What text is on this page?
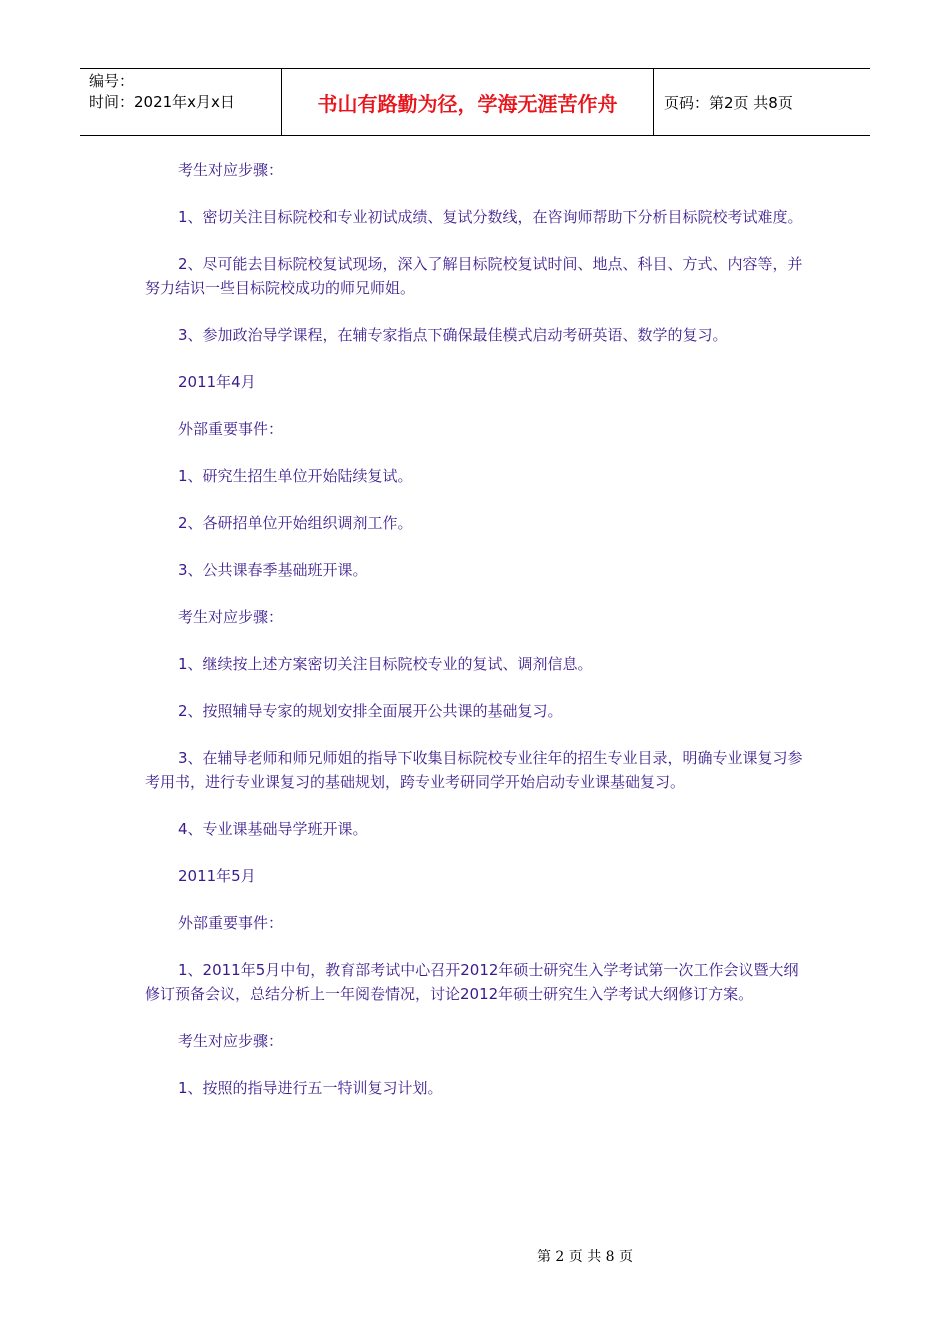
编号：
时间：2021年x月x日	书山有路勤为径，学海无涯苦作舟	页码：第2页 共8页

考生对应步骤：

1、密切关注目标院校和专业初试成绩、复试分数线，在咨询师帮助下分析目标院校考试难度。

2、尽可能去目标院校复试现场，深入了解目标院校复试时间、地点、科目、方式、内容等，并努力结识一些目标院校成功的师兄师姐。

3、参加政治导学课程，在辅专家指点下确保最佳模式启动考研英语、数学的复习。

2011年4月

外部重要事件：

1、研究生招生单位开始陆续复试。

2、各研招单位开始组织调剂工作。

3、公共课春季基础班开课。

考生对应步骤：

1、继续按上述方案密切关注目标院校专业的复试、调剂信息。

2、按照辅导专家的规划安排全面展开公共课的基础复习。

3、在辅导老师和师兄师姐的指导下收集目标院校专业往年的招生专业目录，明确专业课复习参考用书，进行专业课复习的基础规划，跨专业考研同学开始启动专业课基础复习。

4、专业课基础导学班开课。

2011年5月

外部重要事件：

1、2011年5月中旬，教育部考试中心召开2012年硕士研究生入学考试第一次工作会议暨大纲修订预备会议，总结分析上一年阅卷情况，讨论2012年硕士研究生入学考试大纲修订方案。

考生对应步骤：

1、按照的指导进行五一特训复习计划。

第 2 页 共 8 页
